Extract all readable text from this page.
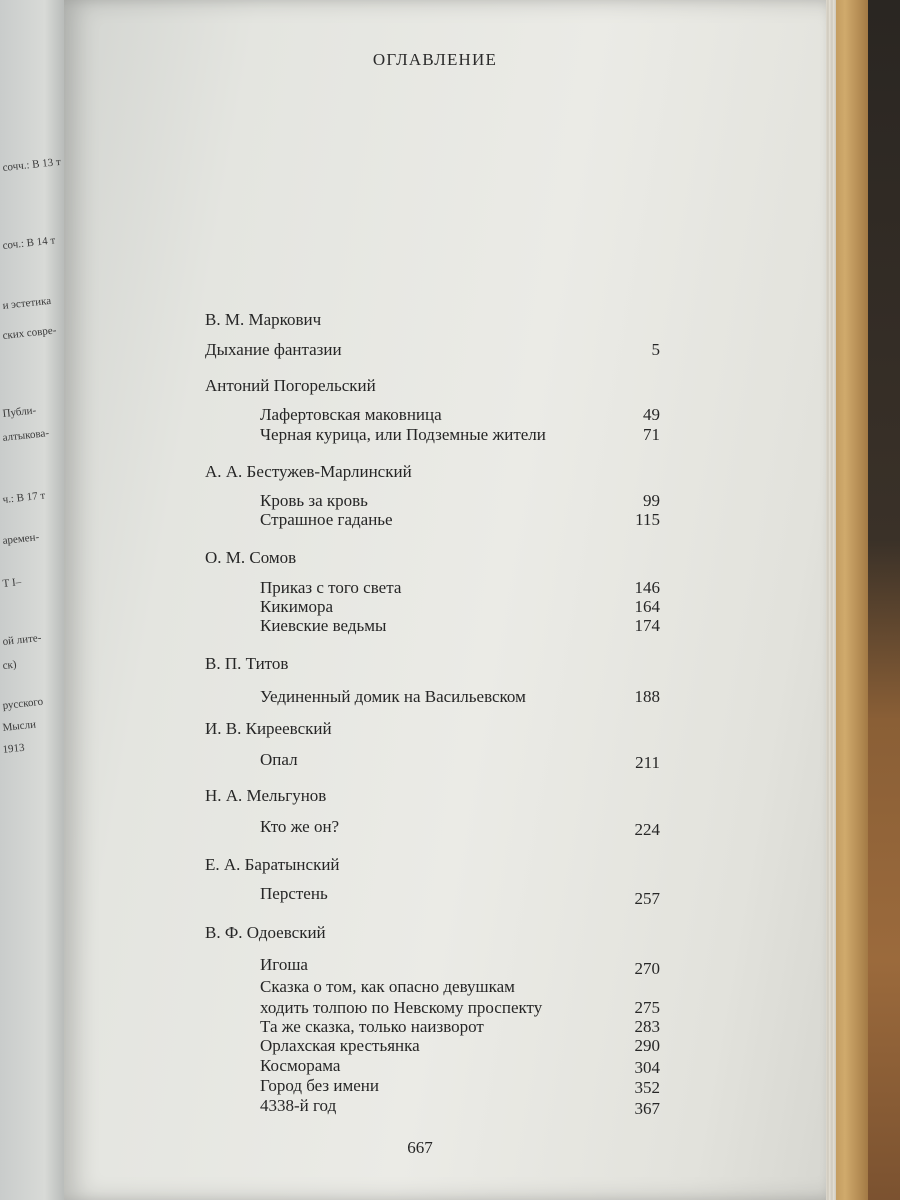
сочч.: В 13 т
соч.: В 14 т
и эстетика
ских совре-
Публи-
алтыкова-
ч.: В 17 т
аремен-
Т I–
ой лите-
ск)
русского
Мысли
1913
ОГЛАВЛЕНИЕ
В. М. Маркович
Дыхание фантазии	5
Антоний Погорельский
Лафертовская маковница	49
Черная курица, или Подземные жители	71
А. А. Бестужев-Марлинский
Кровь за кровь	99
Страшное гаданье	115
О. М. Сомов
Приказ с того света	146
Кикимора	164
Киевские ведьмы	174
В. П. Титов
Уединенный домик на Васильевском	188
И. В. Киреевский
Опал	211
Н. А. Мельгунов
Кто же он?	224
Е. А. Баратынский
Перстень	257
В. Ф. Одоевский
Игоша	270
Сказка о том, как опасно девушкам
ходить толпою по Невскому проспекту	275
Та же сказка, только наизворот	283
Орлахская крестьянка	290
Косморама	304
Город без имени	352
4338-й год	367
667
